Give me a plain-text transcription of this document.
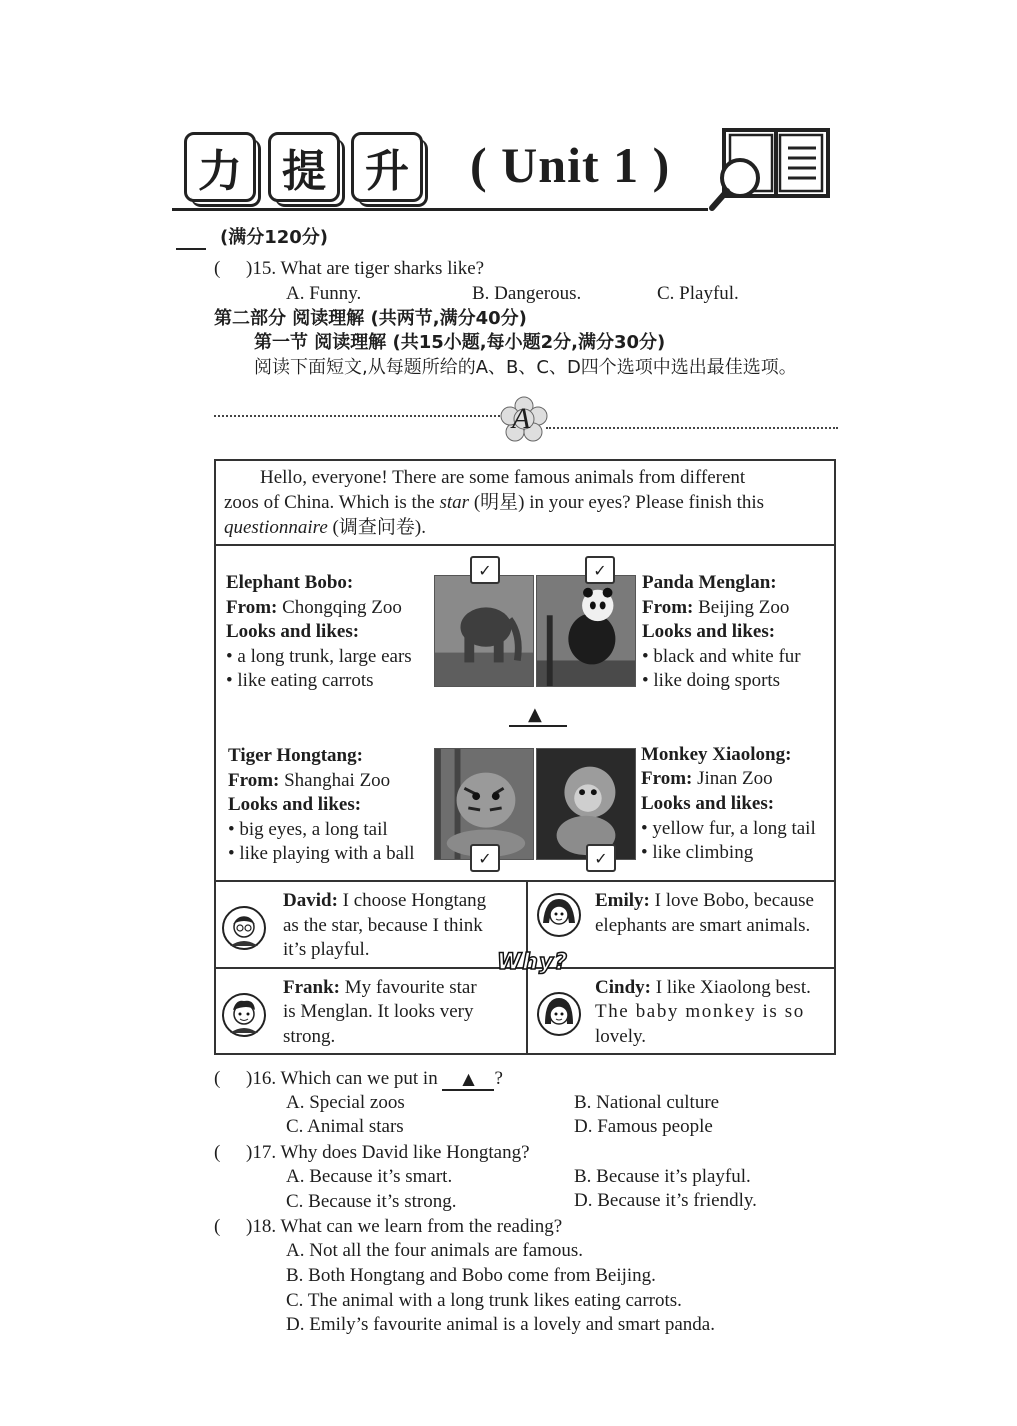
力 提 升 ( Unit 1 )
(满分120分)
( )15. What are tiger sharks like?
A. Funny.	B. Dangerous.	C. Playful.
第二部分 阅读理解 (共两节,满分40分)
第一节 阅读理解 (共15小题,每小题2分,满分30分)
阅读下面短文,从每题所给的A、B、C、D四个选项中选出最佳选项。
A
Hello, everyone! There are some famous animals from different
zoos of China. Which is the star (明星) in your eyes? Please finish this
questionnaire (调查问卷).
Elephant Bobo:
From: Chongqing Zoo
Looks and likes:
• a long trunk, large ears
• like eating carrots
Panda Menglan:
From: Beijing Zoo
Looks and likes:
• black and white fur
• like doing sports
✓	✓
▲
Tiger Hongtang:
From: Shanghai Zoo
Looks and likes:
• big eyes, a long tail
• like playing with a ball
Monkey Xiaolong:
From: Jinan Zoo
Looks and likes:
• yellow fur, a long tail
• like climbing
✓	✓
David: I choose Hongtang
as the star, because I think
it’s playful.
Emily: I love Bobo, because
elephants are smart animals.
Why?
Frank: My favourite star
is Menglan. It looks very
strong.
Cindy: I like Xiaolong best.
The baby monkey is so
lovely.
( )16. Which can we put in ▲ ?
A. Special zoos	B. National culture
C. Animal stars	D. Famous people
( )17. Why does David like Hongtang?
A. Because it’s smart.	B. Because it’s playful.
C. Because it’s strong.	D. Because it’s friendly.
( )18. What can we learn from the reading?
A. Not all the four animals are famous.
B. Both Hongtang and Bobo come from Beijing.
C. The animal with a long trunk likes eating carrots.
D. Emily’s favourite animal is a lovely and smart panda.
